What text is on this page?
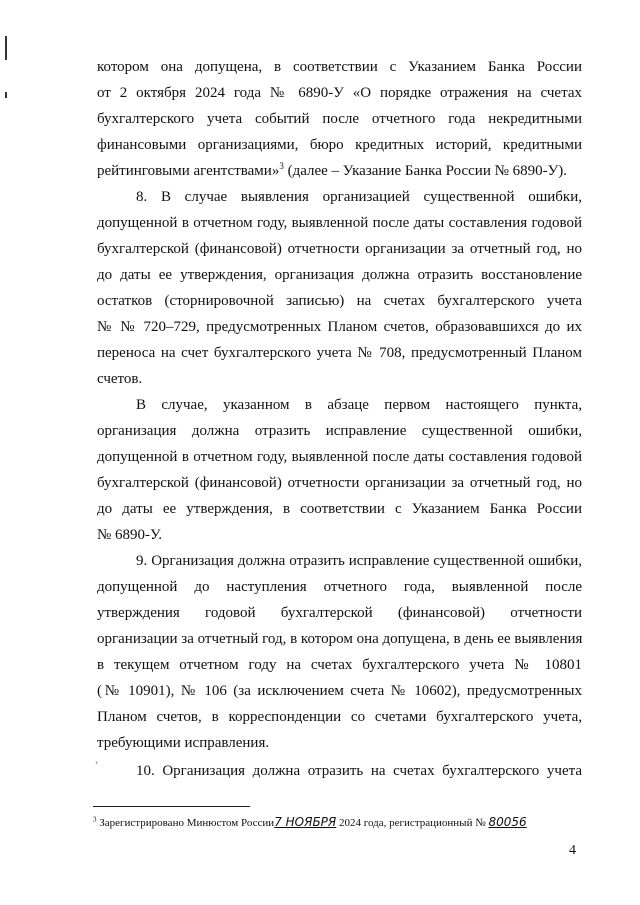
котором она допущена, в соответствии с Указанием Банка России
от 2 октября 2024 года № 6890-У «О порядке отражения на счетах
бухгалтерского учета событий после отчетного года некредитными
финансовыми организациями, бюро кредитных историй, кредитными
рейтинговыми агентствами»$^3$ (далее – Указание Банка России № 6890-У).
8. В случае выявления организацией существенной ошибки,
допущенной в отчетном году, выявленной после даты составления годовой
бухгалтерской (финансовой) отчетности организации за отчетный год, но
до даты ее утверждения, организация должна отразить восстановление
остатков (сторнировочной записью) на счетах бухгалтерского учета
№ № 720–729, предусмотренных Планом счетов, образовавшихся до их
переноса на счет бухгалтерского учета № 708, предусмотренный Планом
счетов.
В случае, указанном в абзаце первом настоящего пункта,
организация должна отразить исправление существенной ошибки,
допущенной в отчетном году, выявленной после даты составления годовой
бухгалтерской (финансовой) отчетности организации за отчетный год, но
до даты ее утверждения, в соответствии с Указанием Банка России
№ 6890-У.
9. Организация должна отразить исправление существенной ошибки,
допущенной до наступления отчетного года, выявленной после
утверждения годовой бухгалтерской (финансовой) отчетности
организации за отчетный год, в котором она допущена, в день ее выявления
в текущем отчетном году на счетах бухгалтерского учета № 10801
(№ 10901), № 106 (за исключением счета № 10602), предусмотренных
Планом счетов, в корреспонденции со счетами бухгалтерского учета,
требующими исправления.
10. Организация должна отразить на счетах бухгалтерского учета
›
$^3$ Зарегистрировано Минюстом России7 НОЯБРЯ 2024 года, регистрационный № 80056
4
